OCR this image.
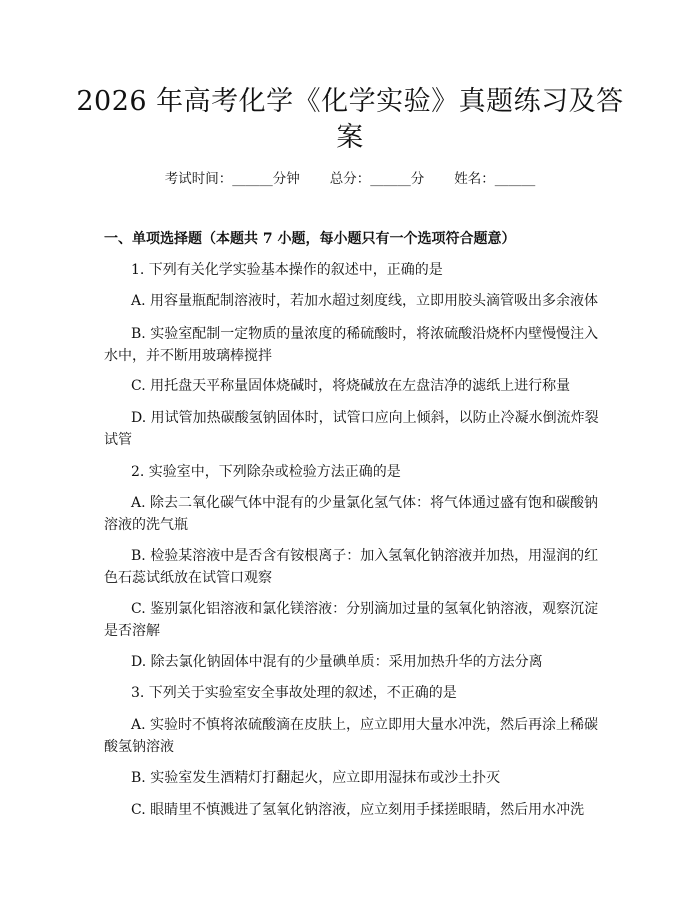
2026 年高考化学《化学实验》真题练习及答
案
考试时间：______分钟 总分：______分 姓名：______
一、单项选择题（本题共 7 小题，每小题只有一个选项符合题意）
1. 下列有关化学实验基本操作的叙述中，正确的是
A. 用容量瓶配制溶液时，若加水超过刻度线，立即用胶头滴管吸出多余液体
B. 实验室配制一定物质的量浓度的稀硫酸时，将浓硫酸沿烧杯内壁慢慢注入
水中，并不断用玻璃棒搅拌
C. 用托盘天平称量固体烧碱时，将烧碱放在左盘洁净的滤纸上进行称量
D. 用试管加热碳酸氢钠固体时，试管口应向上倾斜，以防止冷凝水倒流炸裂
试管
2. 实验室中，下列除杂或检验方法正确的是
A. 除去二氧化碳气体中混有的少量氯化氢气体：将气体通过盛有饱和碳酸钠
溶液的洗气瓶
B. 检验某溶液中是否含有铵根离子：加入氢氧化钠溶液并加热，用湿润的红
色石蕊试纸放在试管口观察
C. 鉴别氯化铝溶液和氯化镁溶液：分别滴加过量的氢氧化钠溶液，观察沉淀
是否溶解
D. 除去氯化钠固体中混有的少量碘单质：采用加热升华的方法分离
3. 下列关于实验室安全事故处理的叙述，不正确的是
A. 实验时不慎将浓硫酸滴在皮肤上，应立即用大量水冲洗，然后再涂上稀碳
酸氢钠溶液
B. 实验室发生酒精灯打翻起火，应立即用湿抹布或沙土扑灭
C. 眼睛里不慎溅进了氢氧化钠溶液，应立刻用手揉搓眼睛，然后用水冲洗
